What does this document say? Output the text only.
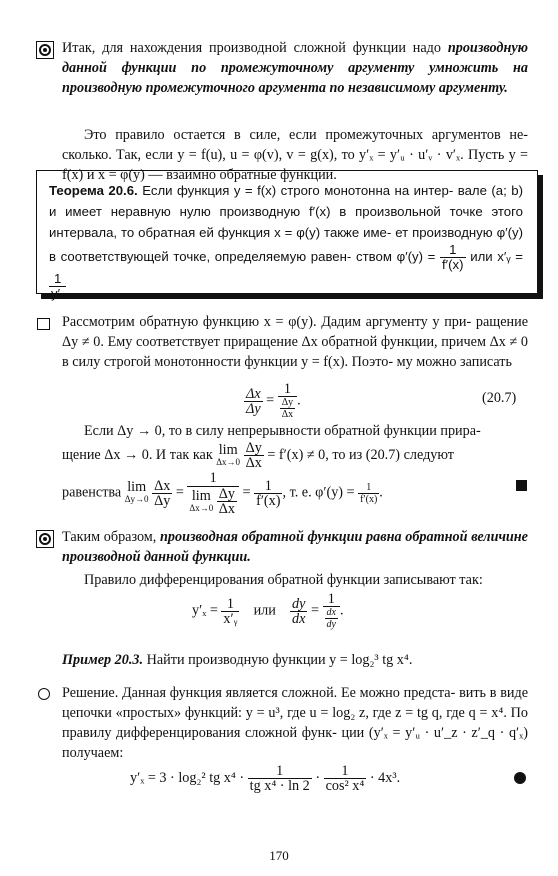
Итак, для нахождения производной сложной функции надо производную данной функции по промежуточному аргументу умножить на производную промежуточного аргумента по независимому аргументу.
Это правило остается в силе, если промежуточных аргументов не- сколько. Так, если y = f(u), u = φ(v), v = g(x), то y′ₓ = y′ᵤ · u′ᵥ · v′ₓ. Пусть y = f(x) и x = φ(y) — взаимно обратные функции.
Теорема 20.6. Если функция y = f(x) строго монотонна на интер- вале (a; b) и имеет неравную нулю производную f′(x) в произвольной точке этого интервала, то обратная ей функция x = φ(y) также име- ет производную φ′(y) в соответствующей точке, определяемую равен- ством $\varphi'(y) = \frac{1}{f'(x)}$ или x′ᵧ =
$\frac{1}{\text{y′ₓ}}$
Рассмотрим обратную функцию x = φ(y). Дадим аргументу y при- ращение Δy ≠ 0. Ему соответствует приращение Δx обратной функции, причем Δx ≠ 0 в силу строгой монотонности функции y = f(x). Поэто- му можно записать
$\frac{\Delta x}{\Delta y} = \frac{1}{\frac{\Delta y}{\Delta x}}$ .	(20.7)
Если Δy → 0, то в силу непрерывности обратной функции прира-
щение Δx → 0. И так как lim
Δx→0
$\frac{\Delta y}{\Delta x} = f'(x) \ne 0$, то из (20.7) следуют
равенства lim
Δy→0
$\frac{\Delta x}{\Delta y} = 1$
lim
Δx→0
$\frac{\Delta y}{\Delta x} = \frac{1}{f'(x)}$ , т. е. $\varphi'(y) = \frac{1}{f'(x)}$ .
Таким образом, производная обратной функции равна обратной величине производной данной функции.
Правило дифференцирования обратной функции записывают так:
$y'_x = \frac{1}{\text{x′ᵧ}}$ или $\frac{dy}{dx} = \frac{1}{\frac{dx}{dy}}$ .
Пример 20.3. Найти производную функции y = log₂³ tg x⁴.
Решение. Данная функция является сложной. Ее можно предста- вить в виде цепочки «простых» функций: y = u³, где u = log₂ z, где z = tg q, где q = x⁴. По правилу дифференцирования сложной функ- ции (y′ₓ = y′ᵤ · u′_z · z′_q · q′ₓ) получаем:
y′ₓ = 3 · log₂² tg $x^4 \cdot \frac{1}{\text{tg x⁴ · ln 2}} \cdot \frac{1}{\text{cos² x⁴}} \cdot 4x^3$.
170
